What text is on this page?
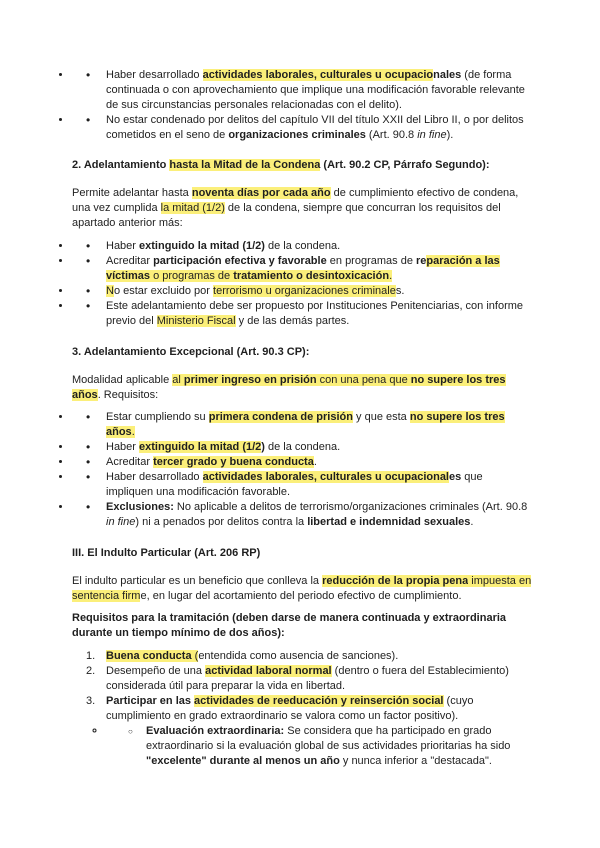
• • Haber desarrollado actividades laborales, culturales u ocupacionales (de forma continuada o con aprovechamiento que implique una modificación favorable relevante de sus circunstancias personales relacionadas con el delito).
• • No estar condenado por delitos del capítulo VII del título XXII del Libro II, o por delitos cometidos en el seno de organizaciones criminales (Art. 90.8 in fine).
2. Adelantamiento hasta la Mitad de la Condena (Art. 90.2 CP, Párrafo Segundo):

Permite adelantar hasta noventa días por cada año de cumplimiento efectivo de condena, una vez cumplida la mitad (1/2) de la condena, siempre que concurran los requisitos del apartado anterior más:

• • Haber extinguido la mitad (1/2) de la condena.
• • Acreditar participación efectiva y favorable en programas de reparación a las víctimas o programas de tratamiento o desintoxicación.
• • No estar excluido por terrorismo u organizaciones criminales.
• • Este adelantamiento debe ser propuesto por Instituciones Penitenciarias, con informe previo del Ministerio Fiscal y de las demás partes.
3. Adelantamiento Excepcional (Art. 90.3 CP):

Modalidad aplicable al primer ingreso en prisión con una pena que no supere los tres años. Requisitos:

• • Estar cumpliendo su primera condena de prisión y que esta no supere los tres años.
• • Haber extinguido la mitad (1/2) de la condena.
• • Acreditar tercer grado y buena conducta.
• • Haber desarrollado actividades laborales, culturales u ocupacionales que impliquen una modificación favorable.
• • Exclusiones: No aplicable a delitos de terrorismo/organizaciones criminales (Art. 90.8 in fine) ni a penados por delitos contra la libertad e indemnidad sexuales.
III. El Indulto Particular (Art. 206 RP)

El indulto particular es un beneficio que conlleva la reducción de la propia pena impuesta en sentencia firme, en lugar del acortamiento del periodo efectivo de cumplimiento.

Requisitos para la tramitación (deben darse de manera continuada y extraordinaria durante un tiempo mínimo de dos años):
1. Buena conducta (entendida como ausencia de sanciones).
2. Desempeño de una actividad laboral normal (dentro o fuera del Establecimiento) considerada útil para preparar la vida en libertad.
3. Participar en las actividades de reeducación y reinserción social (cuyo cumplimiento en grado extraordinario se valora como un factor positivo).
○ ◦ Evaluación extraordinaria: Se considera que ha participado en grado extraordinario si la evaluación global de sus actividades prioritarias ha sido "excelente" durante al menos un año y nunca inferior a "destacada".
